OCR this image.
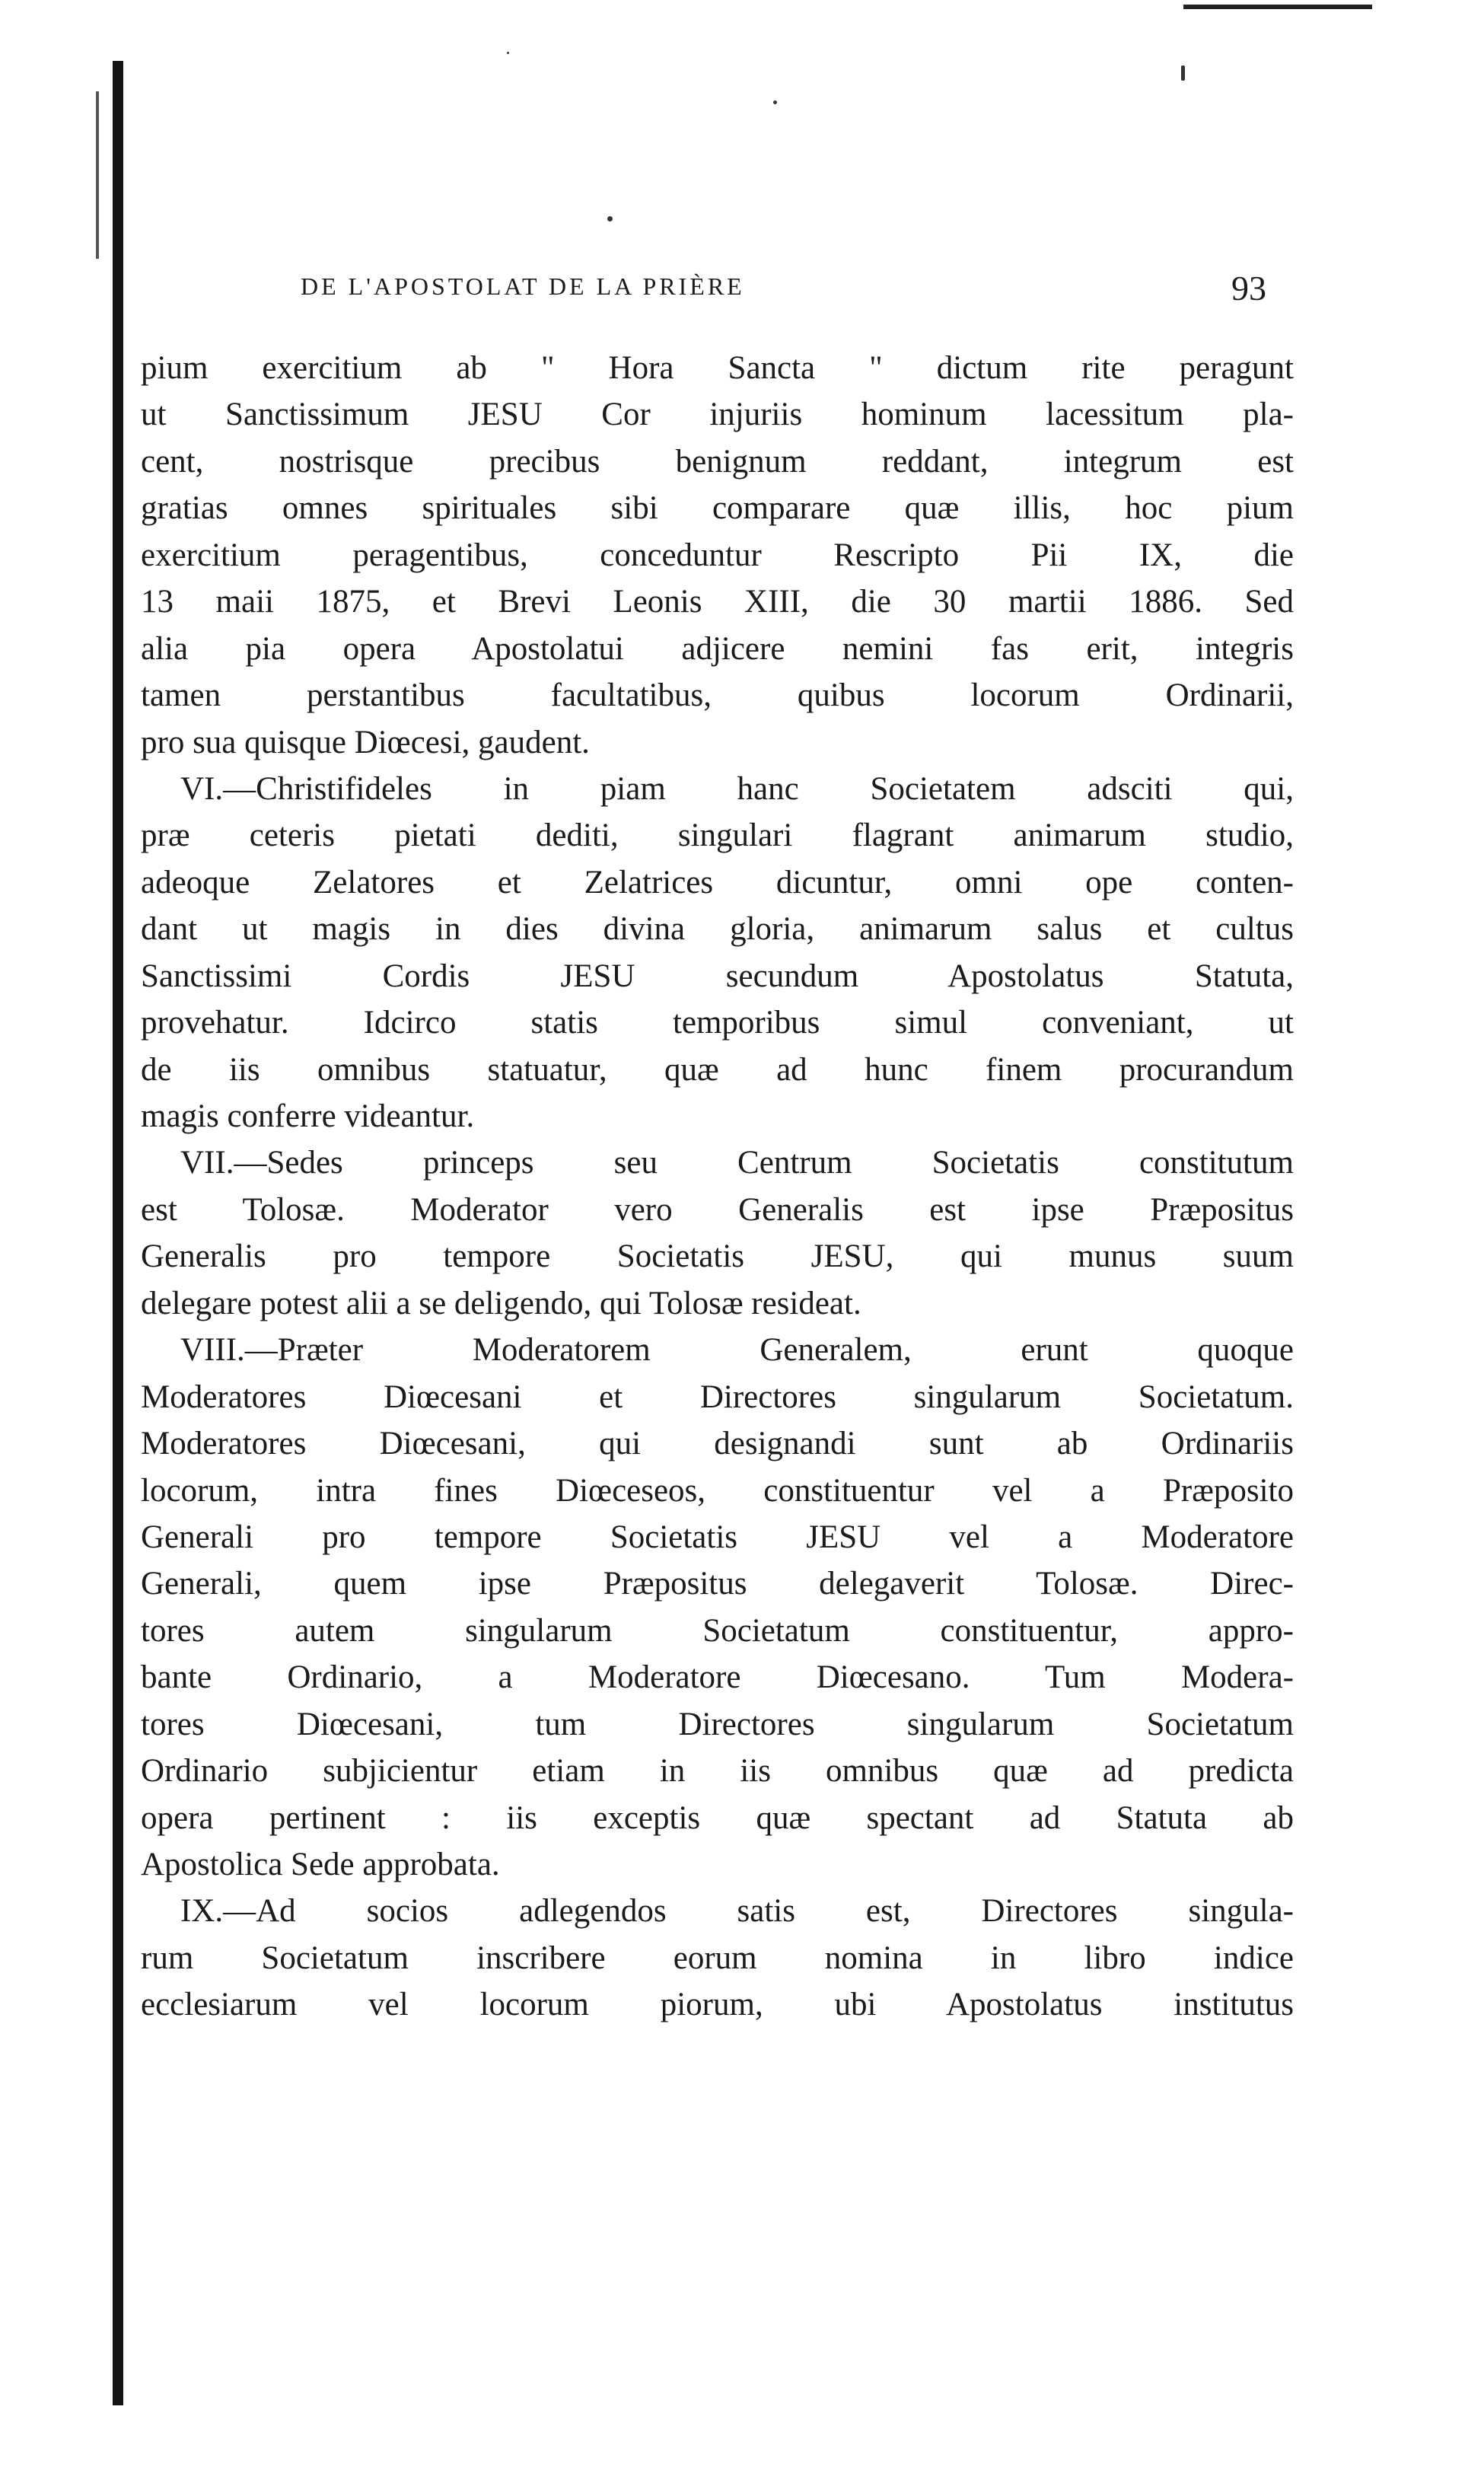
DE L'APOSTOLAT DE LA PRIÈRE	93
pium exercitium ab " Hora Sancta " dictum rite peragunt
ut Sanctissimum JESU Cor injuriis hominum lacessitum pla-
cent, nostrisque precibus benignum reddant, integrum est
gratias omnes spirituales sibi comparare quæ illis, hoc pium
exercitium peragentibus, conceduntur Rescripto Pii IX, die
13 maii 1875, et Brevi Leonis XIII, die 30 martii 1886. Sed
alia pia opera Apostolatui adjicere nemini fas erit, integris
tamen perstantibus facultatibus, quibus locorum Ordinarii,
pro sua quisque Diœcesi, gaudent.
VI.—Christifideles in piam hanc Societatem adsciti qui,
præ ceteris pietati dediti, singulari flagrant animarum studio,
adeoque Zelatores et Zelatrices dicuntur, omni ope conten-
dant ut magis in dies divina gloria, animarum salus et cultus
Sanctissimi Cordis JESU secundum Apostolatus Statuta,
provehatur. Idcirco statis temporibus simul conveniant, ut
de iis omnibus statuatur, quæ ad hunc finem procurandum
magis conferre videantur.
VII.—Sedes princeps seu Centrum Societatis constitutum
est Tolosæ. Moderator vero Generalis est ipse Præpositus
Generalis pro tempore Societatis JESU, qui munus suum
delegare potest alii a se deligendo, qui Tolosæ resideat.
VIII.—Præter Moderatorem Generalem, erunt quoque
Moderatores Diœcesani et Directores singularum Societatum.
Moderatores Diœcesani, qui designandi sunt ab Ordinariis
locorum, intra fines Diœceseos, constituentur vel a Præposito
Generali pro tempore Societatis JESU vel a Moderatore
Generali, quem ipse Præpositus delegaverit Tolosæ. Direc-
tores autem singularum Societatum constituentur, appro-
bante Ordinario, a Moderatore Diœcesano. Tum Modera-
tores Diœcesani, tum Directores singularum Societatum
Ordinario subjicientur etiam in iis omnibus quæ ad predicta
opera pertinent : iis exceptis quæ spectant ad Statuta ab
Apostolica Sede approbata.
IX.—Ad socios adlegendos satis est, Directores singula-
rum Societatum inscribere eorum nomina in libro indice
ecclesiarum vel locorum piorum, ubi Apostolatus institutus
